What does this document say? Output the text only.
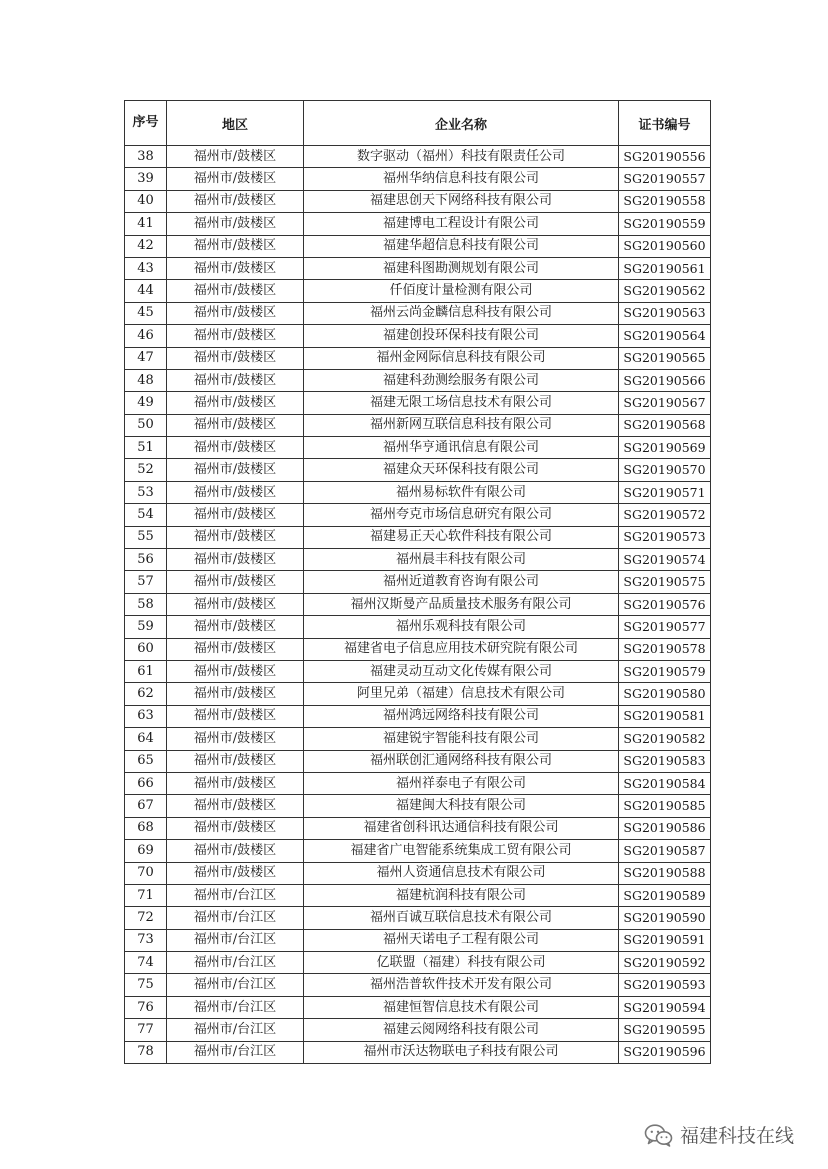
序号	地区	企业名称	证书编号
38	福州市/鼓楼区	数字驱动（福州）科技有限责任公司	SG20190556
39	福州市/鼓楼区	福州华纳信息科技有限公司	SG20190557
40	福州市/鼓楼区	福建思创天下网络科技有限公司	SG20190558
41	福州市/鼓楼区	福建博电工程设计有限公司	SG20190559
42	福州市/鼓楼区	福建华超信息科技有限公司	SG20190560
43	福州市/鼓楼区	福建科图勘测规划有限公司	SG20190561
44	福州市/鼓楼区	仟佰度计量检测有限公司	SG20190562
45	福州市/鼓楼区	福州云尚金麟信息科技有限公司	SG20190563
46	福州市/鼓楼区	福建创投环保科技有限公司	SG20190564
47	福州市/鼓楼区	福州金网际信息科技有限公司	SG20190565
48	福州市/鼓楼区	福建科劲测绘服务有限公司	SG20190566
49	福州市/鼓楼区	福建无限工场信息技术有限公司	SG20190567
50	福州市/鼓楼区	福州新网互联信息科技有限公司	SG20190568
51	福州市/鼓楼区	福州华亨通讯信息有限公司	SG20190569
52	福州市/鼓楼区	福建众天环保科技有限公司	SG20190570
53	福州市/鼓楼区	福州易标软件有限公司	SG20190571
54	福州市/鼓楼区	福州夸克市场信息研究有限公司	SG20190572
55	福州市/鼓楼区	福建易正天心软件科技有限公司	SG20190573
56	福州市/鼓楼区	福州晨丰科技有限公司	SG20190574
57	福州市/鼓楼区	福州近道教育咨询有限公司	SG20190575
58	福州市/鼓楼区	福州汉斯曼产品质量技术服务有限公司	SG20190576
59	福州市/鼓楼区	福州乐观科技有限公司	SG20190577
60	福州市/鼓楼区	福建省电子信息应用技术研究院有限公司	SG20190578
61	福州市/鼓楼区	福建灵动互动文化传媒有限公司	SG20190579
62	福州市/鼓楼区	阿里兄弟（福建）信息技术有限公司	SG20190580
63	福州市/鼓楼区	福州鸿远网络科技有限公司	SG20190581
64	福州市/鼓楼区	福建锐宇智能科技有限公司	SG20190582
65	福州市/鼓楼区	福州联创汇通网络科技有限公司	SG20190583
66	福州市/鼓楼区	福州祥泰电子有限公司	SG20190584
67	福州市/鼓楼区	福建闽大科技有限公司	SG20190585
68	福州市/鼓楼区	福建省创科讯达通信科技有限公司	SG20190586
69	福州市/鼓楼区	福建省广电智能系统集成工贸有限公司	SG20190587
70	福州市/鼓楼区	福州人资通信息技术有限公司	SG20190588
71	福州市/台江区	福建杭润科技有限公司	SG20190589
72	福州市/台江区	福州百诚互联信息技术有限公司	SG20190590
73	福州市/台江区	福州天诺电子工程有限公司	SG20190591
74	福州市/台江区	亿联盟（福建）科技有限公司	SG20190592
75	福州市/台江区	福州浩普软件技术开发有限公司	SG20190593
76	福州市/台江区	福建恒智信息技术有限公司	SG20190594
77	福州市/台江区	福建云阅网络科技有限公司	SG20190595
78	福州市/台江区	福州市沃达物联电子科技有限公司	SG20190596
福建科技在线
